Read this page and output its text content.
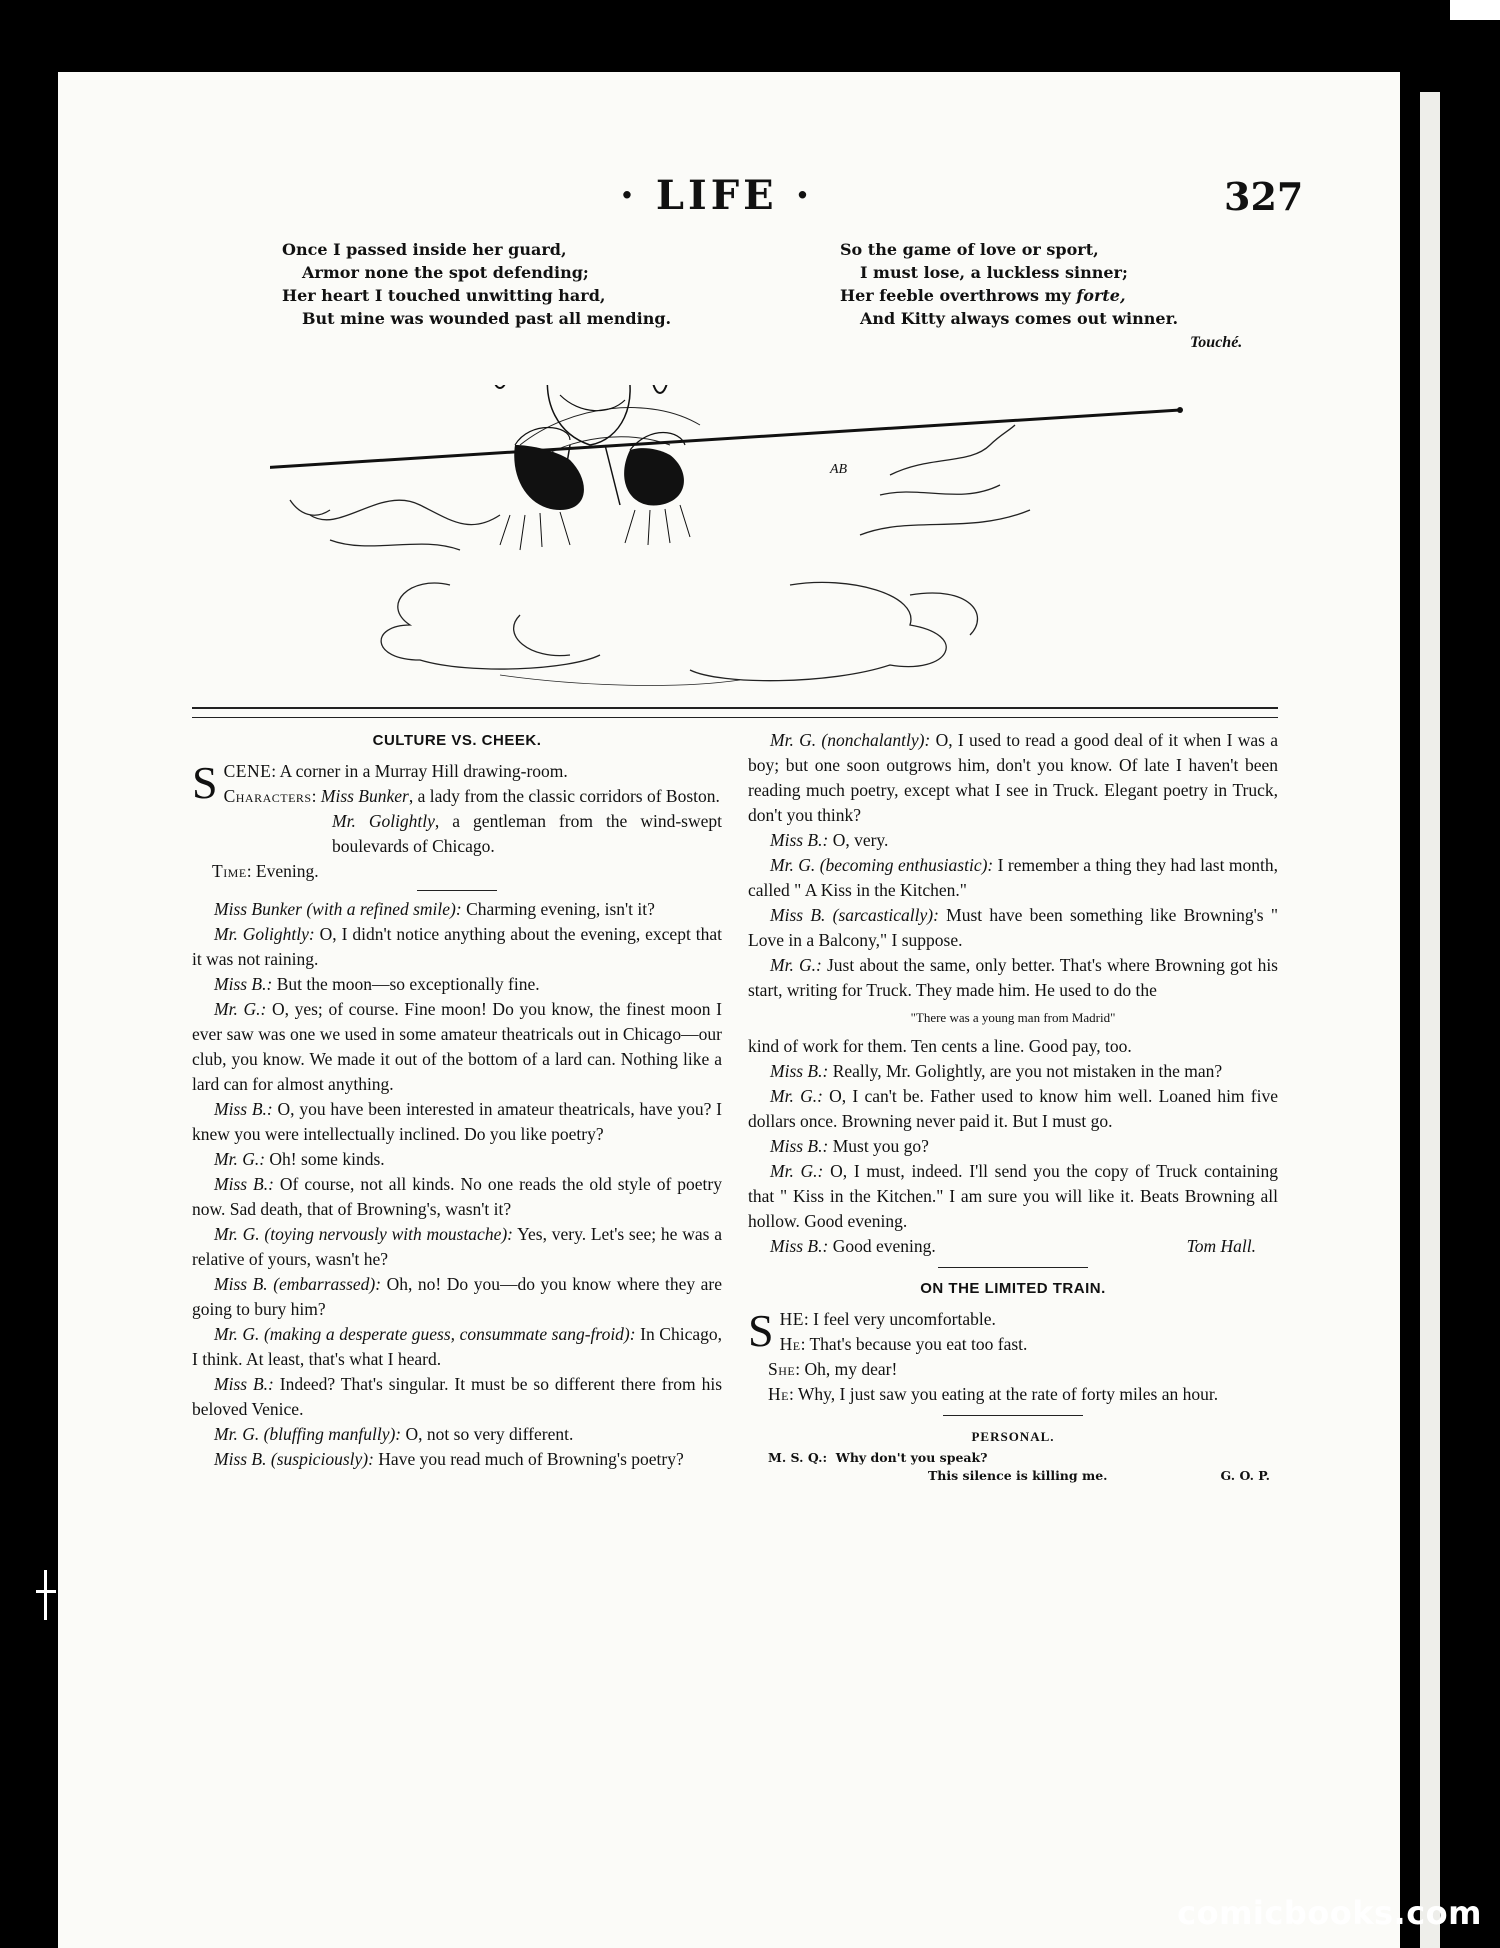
· LIFE ·	327
Once I passed inside her guard,
Armor none the spot defending;
Her heart I touched unwitting hard,
But mine was wounded past all mending.
So the game of love or sport,
I must lose, a luckless sinner;
Her feeble overthrows my forte,
And Kitty always comes out winner.
Touché.
AB
CULTURE VS. CHEEK.

SCENE: A corner in a Murray Hill drawing-room.

Characters: Miss Bunker, a lady from the classic corridors of Boston.

Mr. Golightly, a gentleman from the wind-swept boulevards of Chicago.

Time: Evening.

Miss Bunker (with a refined smile): Charming evening, isn't it?

Mr. Golightly: O, I didn't notice anything about the evening, except that it was not raining.

Miss B.: But the moon—so exceptionally fine.

Mr. G.: O, yes; of course. Fine moon! Do you know, the finest moon I ever saw was one we used in some amateur theatricals out in Chicago—our club, you know. We made it out of the bottom of a lard can. Nothing like a lard can for almost anything.

Miss B.: O, you have been interested in amateur theatricals, have you? I knew you were intellectually inclined. Do you like poetry?

Mr. G.: Oh! some kinds.

Miss B.: Of course, not all kinds. No one reads the old style of poetry now. Sad death, that of Browning's, wasn't it?

Mr. G. (toying nervously with moustache): Yes, very. Let's see; he was a relative of yours, wasn't he?

Miss B. (embarrassed): Oh, no! Do you—do you know where they are going to bury him?

Mr. G. (making a desperate guess, consummate sang-froid): In Chicago, I think. At least, that's what I heard.

Miss B.: Indeed? That's singular. It must be so different there from his beloved Venice.

Mr. G. (bluffing manfully): O, not so very different.

Miss B. (suspiciously): Have you read much of Browning's poetry?

Mr. G. (nonchalantly): O, I used to read a good deal of it when I was a boy; but one soon outgrows him, don't you know. Of late I haven't been reading much poetry, except what I see in Truck. Elegant poetry in Truck, don't you think?

Miss B.: O, very.

Mr. G. (becoming enthusiastic): I remember a thing they had last month, called " A Kiss in the Kitchen."

Miss B. (sarcastically): Must have been something like Browning's " Love in a Balcony," I suppose.

Mr. G.: Just about the same, only better. That's where Browning got his start, writing for Truck. They made him. He used to do the

"There was a young man from Madrid"

kind of work for them. Ten cents a line. Good pay, too.

Miss B.: Really, Mr. Golightly, are you not mistaken in the man?

Mr. G.: O, I can't be. Father used to know him well. Loaned him five dollars once. Browning never paid it. But I must go.

Miss B.: Must you go?

Mr. G.: O, I must, indeed. I'll send you the copy of Truck containing that " Kiss in the Kitchen." I am sure you will like it. Beats Browning all hollow. Good evening.

Miss B.: Good evening.	Tom Hall.

ON THE LIMITED TRAIN.

SHE: I feel very uncomfortable.

He: That's because you eat too fast.

She: Oh, my dear!

He: Why, I just saw you eating at the rate of forty miles an hour.

PERSONAL.
M. S. Q.: Why don't you speak?
This silence is killing me.	G. O. P.
comicbooks.com
